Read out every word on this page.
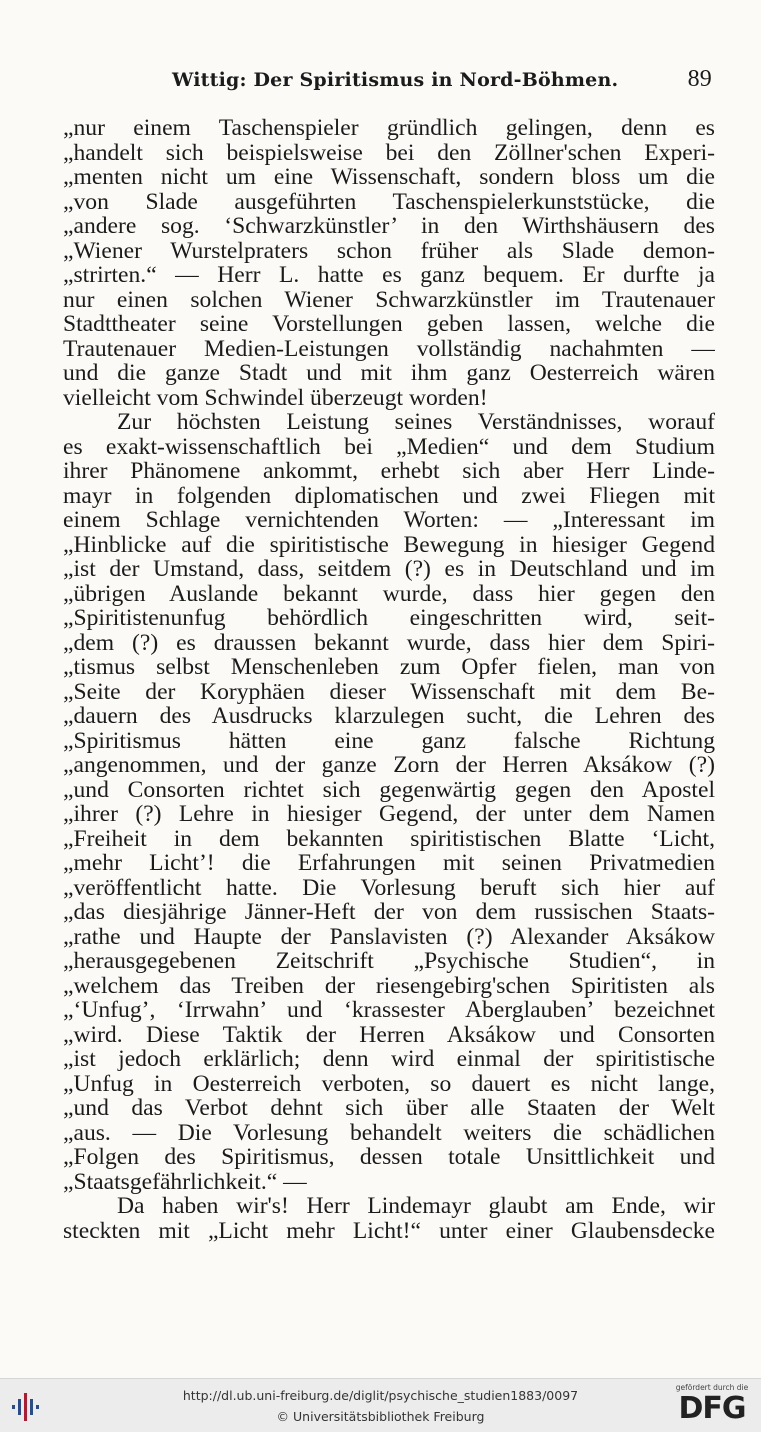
Wittig: Der Spiritismus in Nord-Böhmen.	89
„nur einem Taschenspieler gründlich gelingen, denn es
„handelt sich beispielsweise bei den Zöllner'schen Experi-
„menten nicht um eine Wissenschaft, sondern bloss um die
„von Slade ausgeführten Taschenspielerkunststücke, die
„andere sog. ‘Schwarzkünstler’ in den Wirthshäusern des
„Wiener Wurstelpraters schon früher als Slade demon-
„strirten.“ — Herr L. hatte es ganz bequem. Er durfte ja
nur einen solchen Wiener Schwarzkünstler im Trautenauer
Stadttheater seine Vorstellungen geben lassen, welche die
Trautenauer Medien-Leistungen vollständig nachahmten —
und die ganze Stadt und mit ihm ganz Oesterreich wären
vielleicht vom Schwindel überzeugt worden!
Zur höchsten Leistung seines Verständnisses, worauf
es exakt-wissenschaftlich bei „Medien“ und dem Studium
ihrer Phänomene ankommt, erhebt sich aber Herr Linde-
mayr in folgenden diplomatischen und zwei Fliegen mit
einem Schlage vernichtenden Worten: — „Interessant im
„Hinblicke auf die spiritistische Bewegung in hiesiger Gegend
„ist der Umstand, dass, seitdem (?) es in Deutschland und im
„übrigen Auslande bekannt wurde, dass hier gegen den
„Spiritistenunfug behördlich eingeschritten wird, seit-
„dem (?) es draussen bekannt wurde, dass hier dem Spiri-
„tismus selbst Menschenleben zum Opfer fielen, man von
„Seite der Koryphäen dieser Wissenschaft mit dem Be-
„dauern des Ausdrucks klarzulegen sucht, die Lehren des
„Spiritismus hätten eine ganz falsche Richtung
„angenommen, und der ganze Zorn der Herren Aksákow (?)
„und Consorten richtet sich gegenwärtig gegen den Apostel
„ihrer (?) Lehre in hiesiger Gegend, der unter dem Namen
„Freiheit in dem bekannten spiritistischen Blatte ‘Licht,
„mehr Licht’! die Erfahrungen mit seinen Privatmedien
„veröffentlicht hatte. Die Vorlesung beruft sich hier auf
„das diesjährige Jänner-Heft der von dem russischen Staats-
„rathe und Haupte der Panslavisten (?) Alexander Aksákow
„herausgegebenen Zeitschrift „Psychische Studien“, in
„welchem das Treiben der riesengebirg'schen Spiritisten als
„‘Unfug’, ‘Irrwahn’ und ‘krassester Aberglauben’ bezeichnet
„wird. Diese Taktik der Herren Aksákow und Consorten
„ist jedoch erklärlich; denn wird einmal der spiritistische
„Unfug in Oesterreich verboten, so dauert es nicht lange,
„und das Verbot dehnt sich über alle Staaten der Welt
„aus. — Die Vorlesung behandelt weiters die schädlichen
„Folgen des Spiritismus, dessen totale Unsittlichkeit und
„Staatsgefährlichkeit.“ —
Da haben wir's! Herr Lindemayr glaubt am Ende, wir
steckten mit „Licht mehr Licht!“ unter einer Glaubensdecke
http://dl.ub.uni-freiburg.de/diglit/psychische_studien1883/0097
© Universitätsbibliothek Freiburg
gefördert durch die
DFG
